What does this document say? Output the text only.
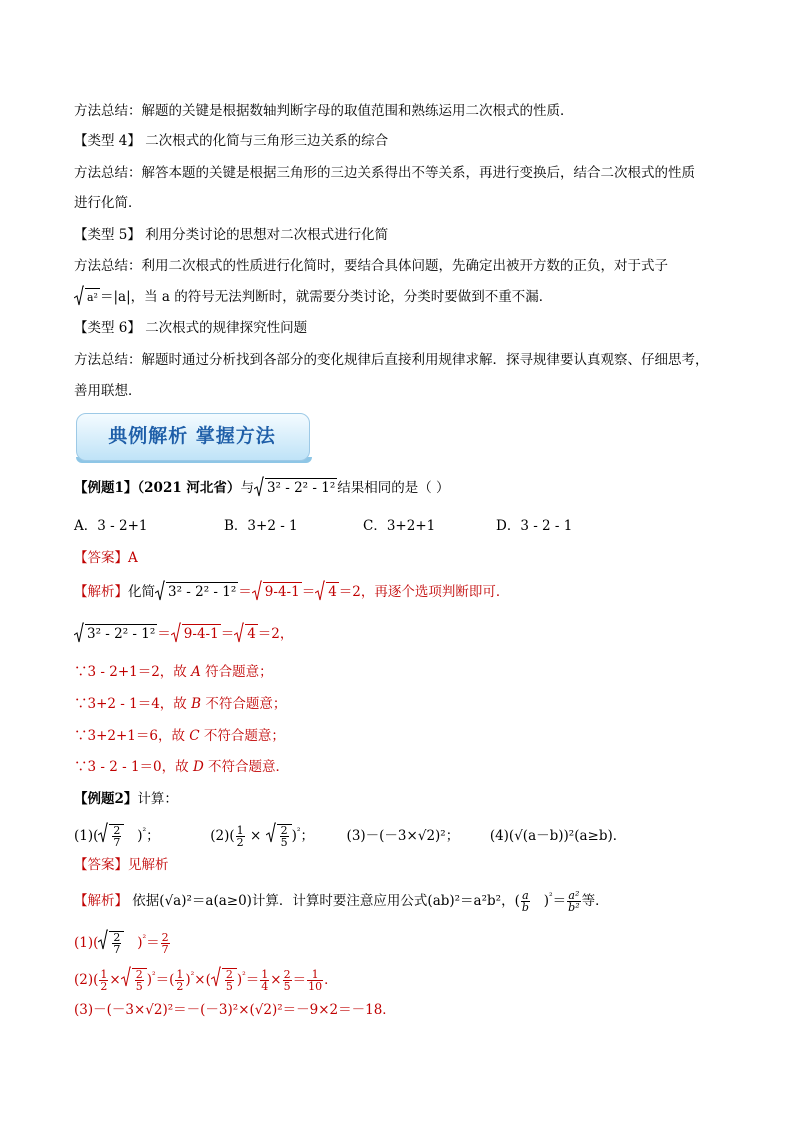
方法总结：解题的关键是根据数轴判断字母的取值范围和熟练运用二次根式的性质．
【类型 4】 二次根式的化简与三角形三边关系的综合
方法总结：解答本题的关键是根据三角形的三边关系得出不等关系，再进行变换后，结合二次根式的性质
进行化简．
【类型 5】 利用分类讨论的思想对二次根式进行化简
方法总结：利用二次根式的性质进行化简时，要结合具体问题，先确定出被开方数的正负，对于式子
a² ＝|a|，当 a 的符号无法判断时，就需要分类讨论，分类时要做到不重不漏．
【类型 6】 二次根式的规律探究性问题
方法总结：解题时通过分析找到各部分的变化规律后直接利用规律求解．探寻规律要认真观察、仔细思考，
善用联想．
典例解析 掌握方法
【例题1】（2021 河北省）与 3² - 2² - 1² 结果相同的是（ ）
A．3 - 2+1	B．3+2 - 1	C．3+2+1	D．3 - 2 - 1
【答案】A
【解析】化简 3² - 2² - 1² ＝ 9-4-1 ＝ 4 ＝2，再逐个选项判断即可．
3² - 2² - 1² ＝ 9-4-1 ＝ 4 ＝2，
∵3 - 2+1＝2，故 A 符合题意；
∵3+2 - 1＝4，故 B 不符合题意；
∵3+2+1＝6，故 C 不符合题意；
∵3 - 2 - 1＝0，故 D 不符合题意．
【例题2】计算：
$(1)( \frac{2}{7} )^{^2}$；	$(2)( \frac{1}{2} \times \frac{2}{5} )^{^2}$； (3)－(－3×√2)²； (4)(√(a－b))²(a≥b)．
【答案】见解析
【解析】 依据(√a)²＝a(a≥0)计算．计算时要注意应用公式(ab)²＝a²b²，( $\frac{a}{b} )^{^2}= \frac{\text{a²}}{\text{b²}}$ 等．
$(1)( \frac{2}{7} )^{^2}= \frac{2}{7}$
$(2)( \frac{1}{2} \times \frac{2}{5} )^{^2}=( \frac{1}{2} )^{^2}\times( \frac{2}{5} )^{^2}= \frac{1}{4} \times \frac{2}{5} = \frac{1}{10}$ ．
(3)－(－3×√2)²＝－(－3)²×(√2)²＝－9×2＝－18．
